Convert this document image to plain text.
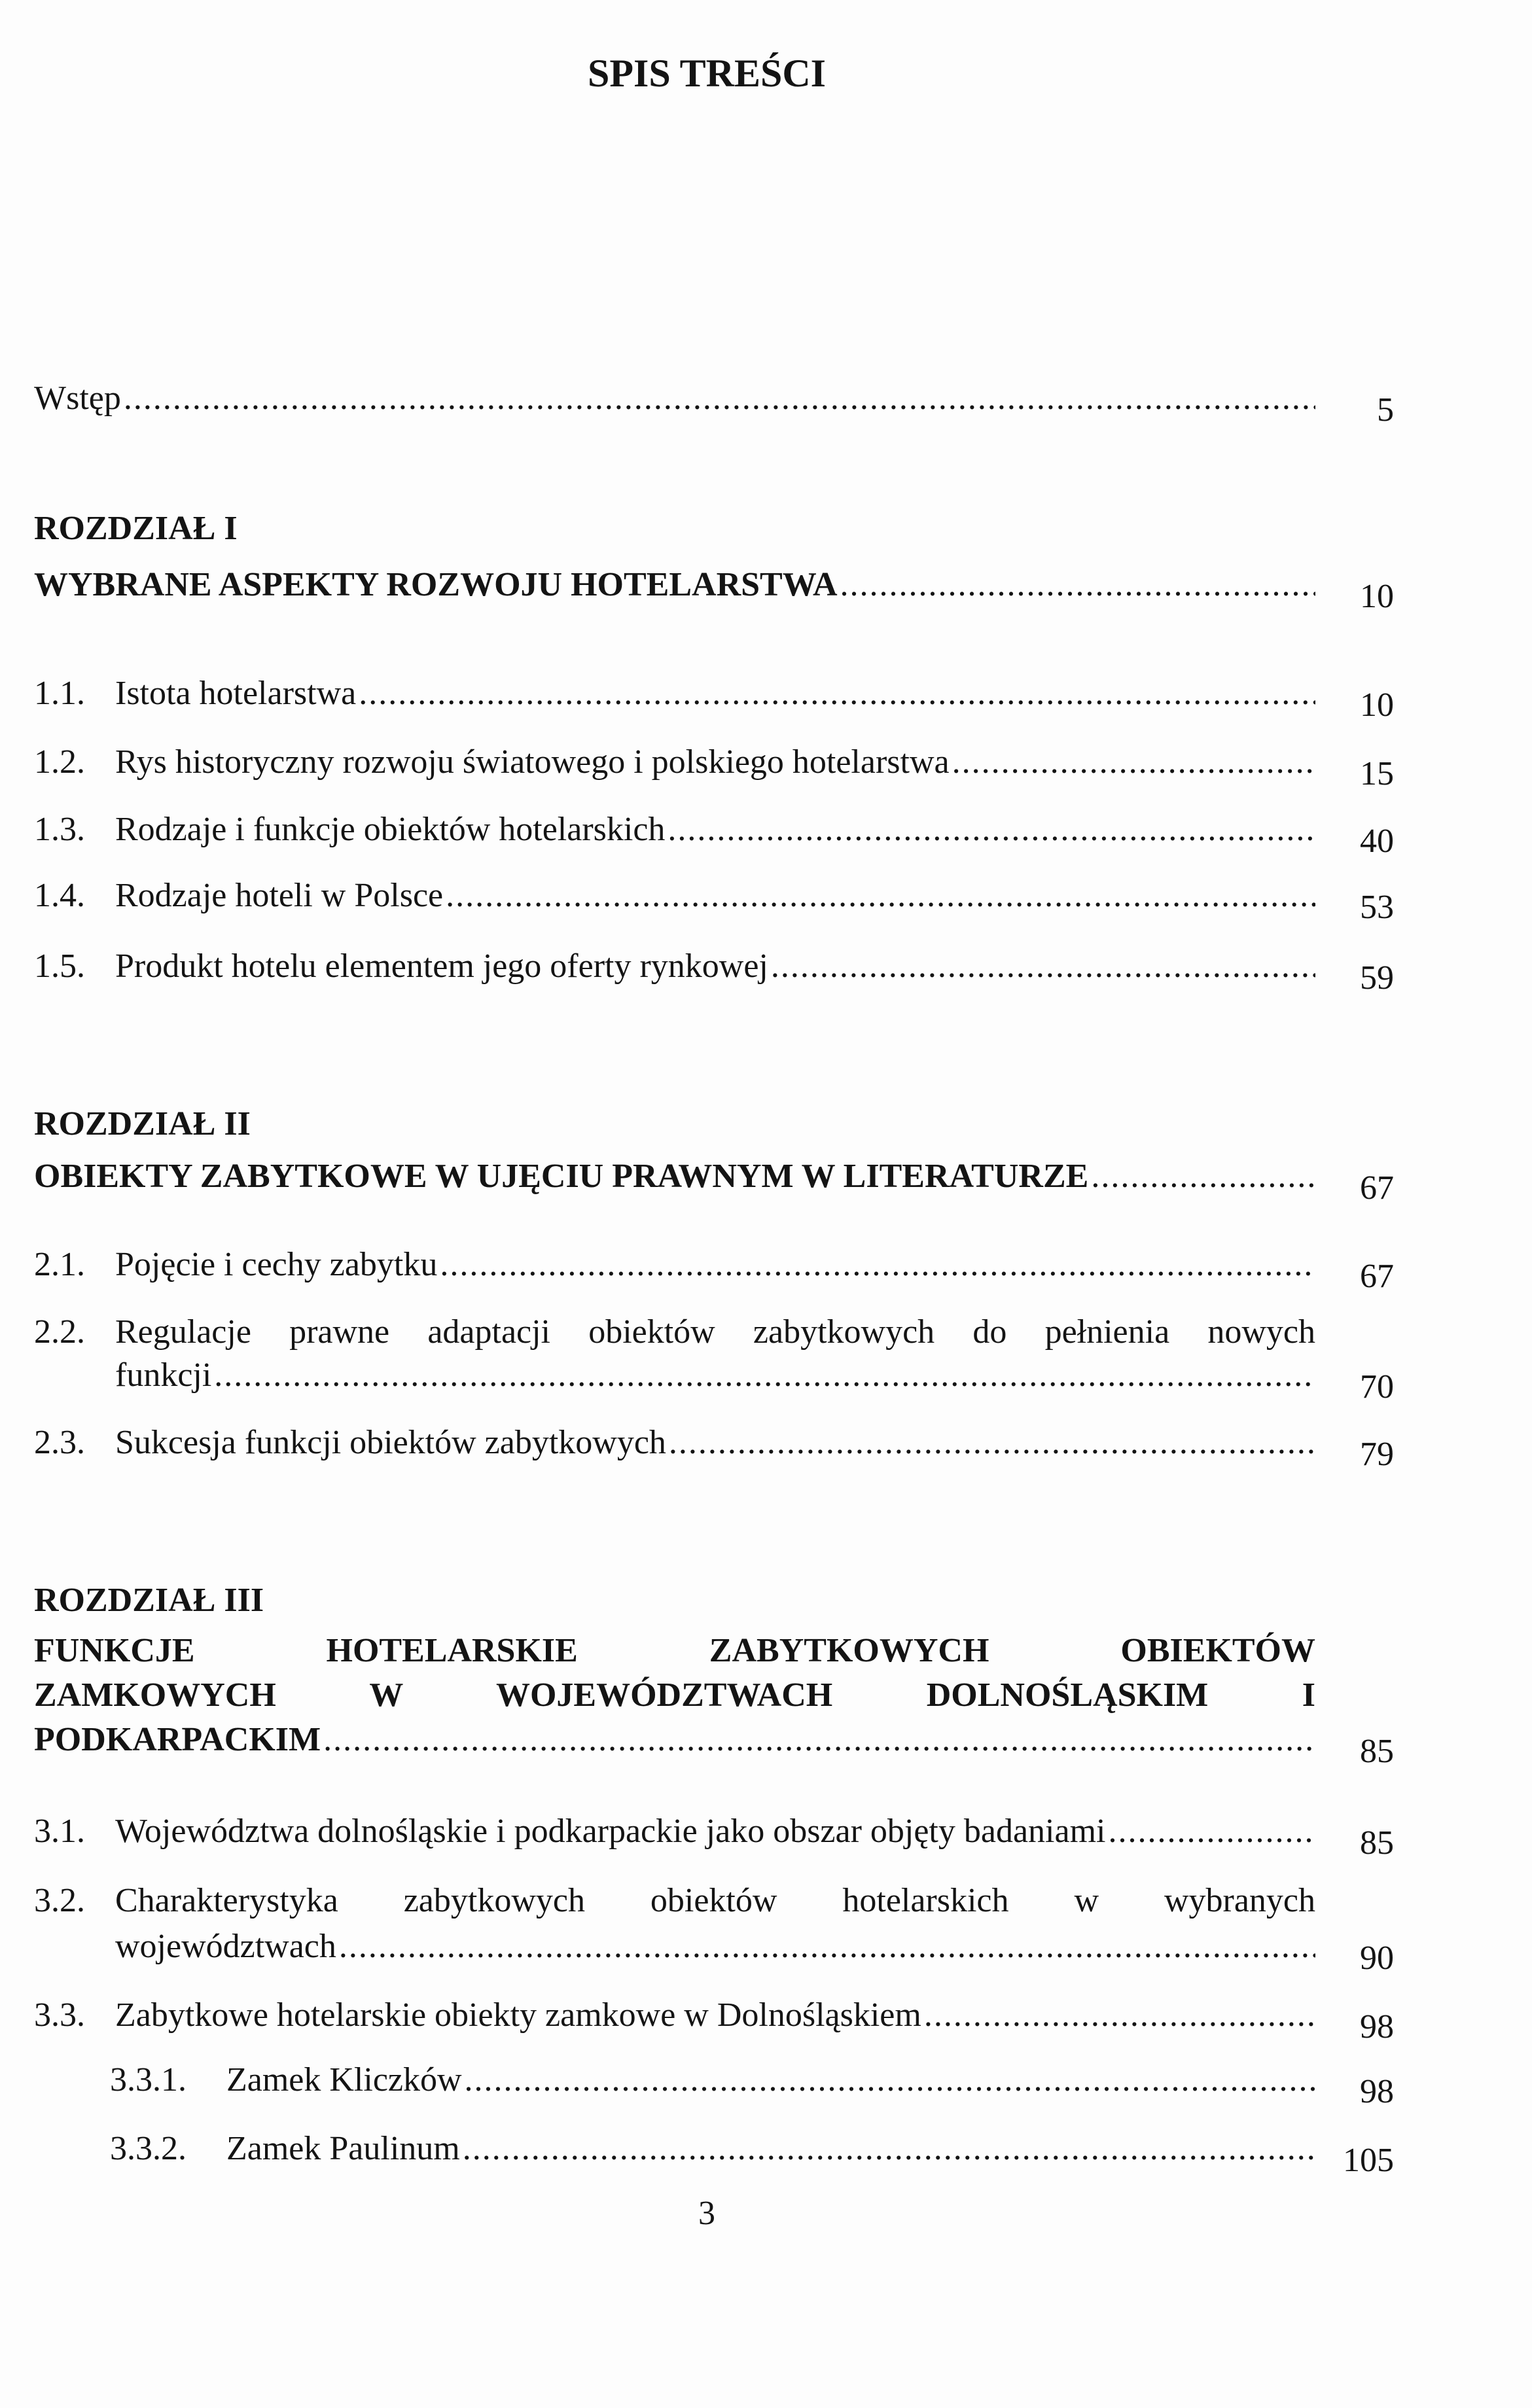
SPIS TREŚCI
Wstęp .....	5
ROZDZIAŁ I
WYBRANE ASPEKTY ROZWOJU HOTELARSTWA .....	10
1.1. Istota hotelarstwa .....	10
1.2. Rys historyczny rozwoju światowego i polskiego hotelarstwa .....	15
1.3. Rodzaje i funkcje obiektów hotelarskich .....	40
1.4. Rodzaje hoteli w Polsce .....	53
1.5. Produkt hotelu elementem jego oferty rynkowej .....	59
ROZDZIAŁ II
OBIEKTY ZABYTKOWE W UJĘCIU PRAWNYM W LITERATURZE .....	67
2.1. Pojęcie i cechy zabytku .....	67
2.2. Regulacje prawne adaptacji obiektów zabytkowych do pełnienia nowych
funkcji .....	70
2.3. Sukcesja funkcji obiektów zabytkowych .....	79
ROZDZIAŁ III
FUNKCJE HOTELARSKIE ZABYTKOWYCH OBIEKTÓW
ZAMKOWYCH W WOJEWÓDZTWACH DOLNOŚLĄSKIM I
PODKARPACKIM .....	85
3.1. Województwa dolnośląskie i podkarpackie jako obszar objęty badaniami .....	85
3.2. Charakterystyka zabytkowych obiektów hotelarskich w wybranych
województwach .....	90
3.3. Zabytkowe hotelarskie obiekty zamkowe w Dolnośląskiem .....	98
3.3.1.	Zamek Kliczków .....	98
3.3.2.	Zamek Paulinum .....	105
3
